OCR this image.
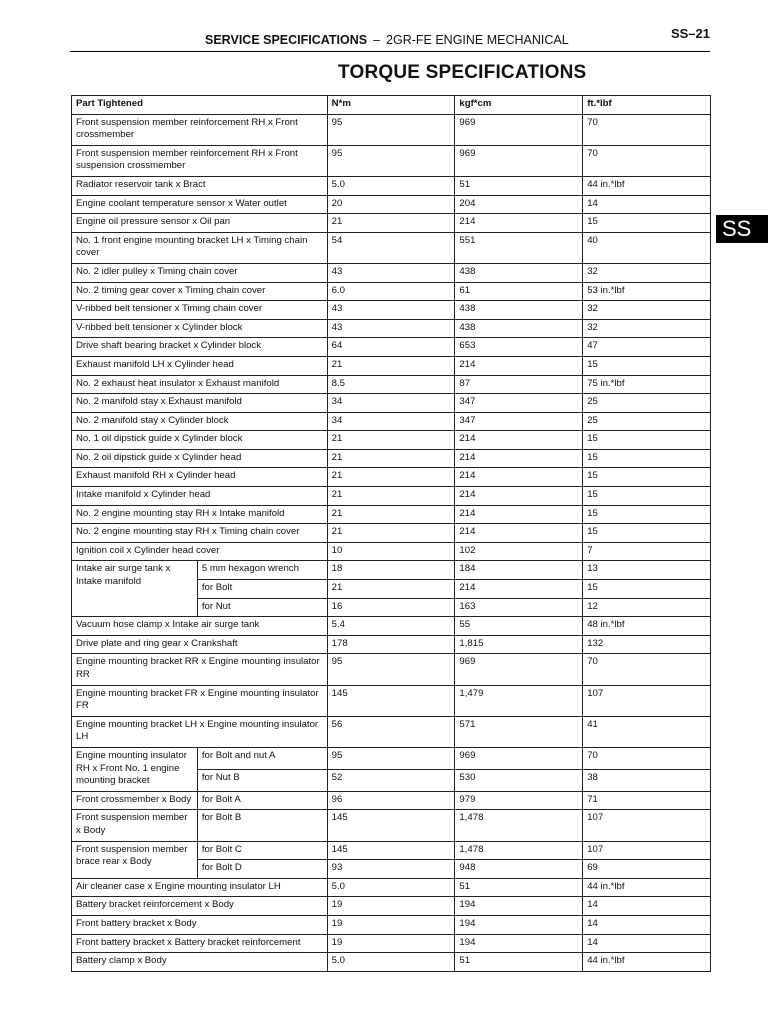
SERVICE SPECIFICATIONS – 2GR-FE ENGINE MECHANICAL	SS–21
TORQUE SPECIFICATIONS
SS
Part Tightened		N*m	kgf*cm	ft.*lbf
Front suspension member reinforcement RH x Front crossmember		95	969	70
Front suspension member reinforcement RH x Front suspension crossmember		95	969	70
Radiator reservoir tank x Bract		5.0	51	44 in.*lbf
Engine coolant temperature sensor x Water outlet		20	204	14
Engine oil pressure sensor x Oil pan		21	214	15
No. 1 front engine mounting bracket LH x Timing chain cover		54	551	40
No. 2 idler pulley x Timing chain cover		43	438	32
No. 2 timing gear cover x Timing chain cover		6.0	61	53 in.*lbf
V-ribbed belt tensioner x Timing chain cover		43	438	32
V-ribbed belt tensioner x Cylinder block		43	438	32
Drive shaft bearing bracket x Cylinder block		64	653	47
Exhaust manifold LH x Cylinder head		21	214	15
No. 2 exhaust heat insulator x Exhaust manifold		8.5	87	75 in.*lbf
No. 2 manifold stay x Exhaust manifold		34	347	25
No. 2 manifold stay x Cylinder block		34	347	25
No. 1 oil dipstick guide x Cylinder block		21	214	15
No. 2 oil dipstick guide x Cylinder head		21	214	15
Exhaust manifold RH x Cylinder head		21	214	15
Intake manifold x Cylinder head		21	214	15
No. 2 engine mounting stay RH x Intake manifold		21	214	15
No. 2 engine mounting stay RH x Timing chain cover		21	214	15
Ignition coil x Cylinder head cover		10	102	7
Intake air surge tank x Intake manifold	5 mm hexagon wrench	18	184	13
	for Bolt	21	214	15
	for Nut	16	163	12
Vacuum hose clamp x Intake air surge tank		5.4	55	48 in.*lbf
Drive plate and ring gear x Crankshaft		178	1,815	132
Engine mounting bracket RR x Engine mounting insulator RR		95	969	70
Engine mounting bracket FR x Engine mounting insulator FR		145	1,479	107
Engine mounting bracket LH x Engine mounting insulator LH		56	571	41
Engine mounting insulator RH x Front No. 1 engine mounting bracket	for Bolt and nut A	95	969	70
	for Nut B	52	530	38
Front crossmember x Body	for Bolt A	96	979	71
Front suspension member x Body	for Bolt B	145	1,478	107
Front suspension member brace rear x Body	for Bolt C	145	1,478	107
	for Bolt D	93	948	69
Air cleaner case x Engine mounting insulator LH		5.0	51	44 in.*lbf
Battery bracket reinforcement x Body		19	194	14
Front battery bracket x Body		19	194	14
Front battery bracket x Battery bracket reinforcement		19	194	14
Battery clamp x Body		5.0	51	44 in.*lbf
